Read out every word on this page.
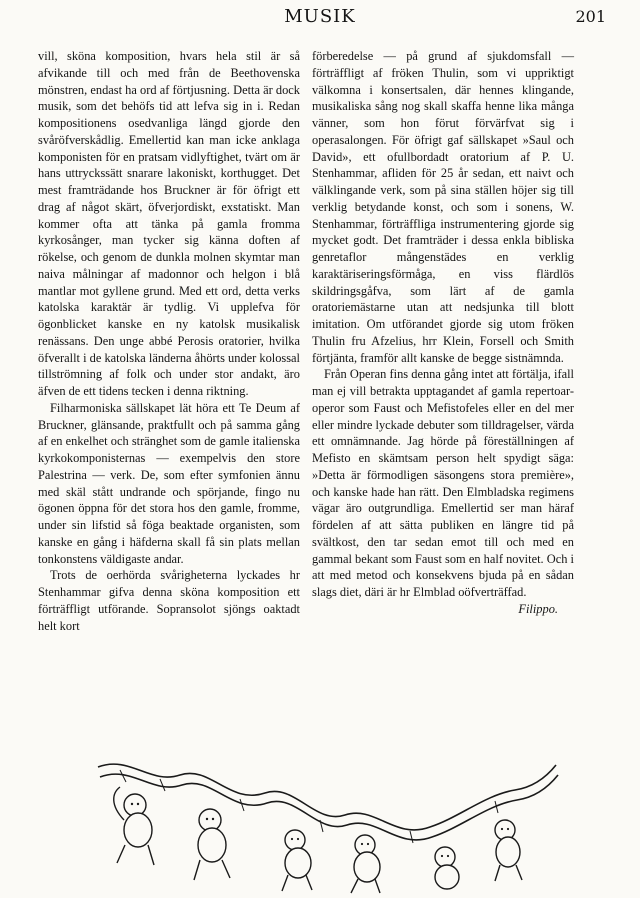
MUSIK	201

vill, sköna komposition, hvars hela stil är så afvikande till och med från de Beethovenska mönstren, endast ha ord af förtjusning. Detta är dock musik, som det behöfs tid att lefva sig in i. Redan kompositionens osedvanliga längd gjorde den svåröfverskådlig. Emellertid kan man icke anklaga komponisten för en pratsam vidlyftighet, tvärt om är hans uttryckssätt snarare lakoniskt, korthugget. Det mest framträdande hos Bruckner är för öfrigt ett drag af något skärt, öfverjordiskt, exstatiskt. Man kommer ofta att tänka på gamla fromma kyrkosånger, man tycker sig känna doften af rökelse, och genom de dunkla molnen skymtar man naiva målningar af madonnor och helgon i blå mantlar mot gyllene grund. Med ett ord, detta verks katolska karaktär är tydlig. Vi upplefva för ögonblicket kanske en ny katolsk musikalisk renässans. Den unge abbé Perosis oratorier, hvilka öfverallt i de katolska länderna åhörts under kolossal tillströmning af folk och under stor andakt, äro äfven de ett tidens tecken i denna riktning.

Filharmoniska sällskapet lät höra ett Te Deum af Bruckner, glänsande, praktfullt och på samma gång af en enkelhet och stränghet som de gamle italienska kyrkokomponisternas — exempelvis den store Palestrina — verk. De, som efter symfonien ännu med skäl stått undrande och spörjande, fingo nu ögonen öppna för det stora hos den gamle, fromme, under sin lifstid så föga beaktade organisten, som kanske en gång i häfderna skall få sin plats mellan tonkonstens väldigaste andar.

Trots de oerhörda svårigheterna lyckades hr Stenhammar gifva denna sköna komposition ett förträffligt utförande. Sopransolot sjöngs oaktadt helt kort

förberedelse — på grund af sjukdomsfall — förträffligt af fröken Thulin, som vi uppriktigt välkomna i konsertsalen, där hennes klingande, musikaliska sång nog skall skaffa henne lika många vänner, som hon förut förvärfvat sig i operasalongen. För öfrigt gaf sällskapet »Saul och David», ett ofullbordadt oratorium af P. U. Stenhammar, afliden för 25 år sedan, ett naivt och välklingande verk, som på sina ställen höjer sig till verklig betydande konst, och som i sonens, W. Stenhammar, förträffliga instrumentering gjorde sig mycket godt. Det framträder i dessa enkla bibliska genretaflor mångenstädes en verklig karaktäriseringsförmåga, en viss flärdlös skildringsgåfva, som lärt af de gamla oratoriemästarne utan att nedsjunka till blott imitation. Om utförandet gjorde sig utom fröken Thulin fru Afzelius, hrr Klein, Forsell och Smith förtjänta, framför allt kanske de begge sistnämnda.

Från Operan fins denna gång intet att förtälja, ifall man ej vill betrakta upptagandet af gamla repertoar-operor som Faust och Mefistofeles eller en del mer eller mindre lyckade debuter som tilldragelser, värda ett omnämnande. Jag hörde på föreställningen af Mefisto en skämtsam person helt spydigt säga: »Detta är förmodligen säsongens stora première», och kanske hade han rätt. Den Elmbladska regimens vägar äro outgrundliga. Emellertid ser man häraf fördelen af att sätta publiken en längre tid på svältkost, den tar sedan emot till och med en gammal bekant som Faust som en half novitet. Och i att med metod och konsekvens bjuda på en sådan slags diet, däri är hr Elmblad oöfverträffad.

Filippo.
